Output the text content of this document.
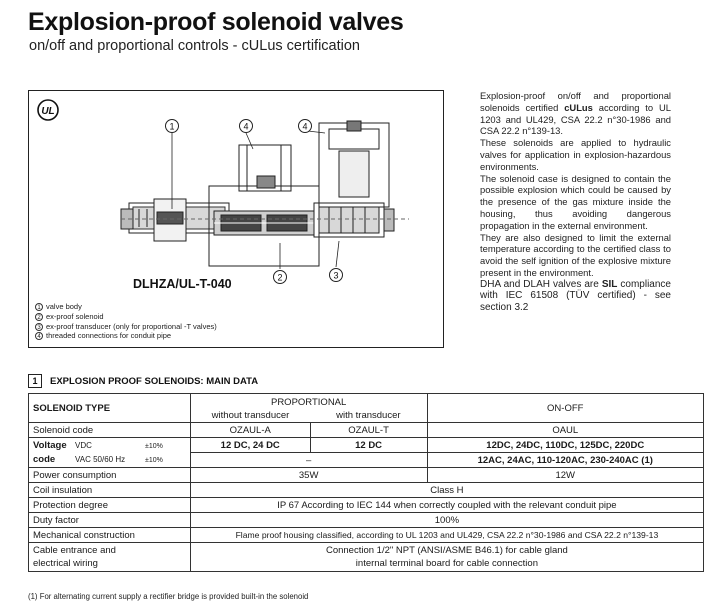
Explosion-proof solenoid valves

on/off and proportional controls - cULus certification

UL
1	4	4
2	3
DLHZA/UL-T-040
1 valve body
2 ex-proof solenoid
3 ex-proof transducer (only for proportional -T valves)
4 threaded connections for conduit pipe

Explosion-proof on/off and proportional solenoids certified cULus according to UL 1203 and UL429, CSA 22.2 n°30-1986 and CSA 22.2 n°139-13.

These solenoids are applied to hydraulic valves for application in explosion-hazardous environments.

The solenoid case is designed to contain the possible explosion which could be caused by the presence of the gas mixture inside the housing, thus avoiding dangerous propagation in the external environment.

They are also designed to limit the external temperature according to the certified class to avoid the self ignition of the explosive mixture present in the environment.

DHA and DLAH valves are SIL compliance with IEC 61508 (TÜV certified) - see section 3.2

1	EXPLOSION PROOF SOLENOIDS: MAIN DATA
SOLENOID TYPE	PROPORTIONAL		ON-OFF
	without transducer	with transducer	
Solenoid code	OZAUL-A	OZAUL-T	OAUL
Voltage VDC ±10%	12 DC, 24 DC	12 DC	12DC, 24DC, 110DC, 125DC, 220DC
code VAC 50/60 Hz ±10%	–		12AC, 24AC, 110-120AC, 230-240AC (1)
Power consumption	35W		12W
Coil insulation	Class H		
Protection degree	IP 67 According to IEC 144 when correctly coupled with the relevant conduit pipe		
Duty factor	100%		
Mechanical construction	Flame proof housing classified, according to UL 1203 and UL429, CSA 22.2 n°30-1986 and CSA 22.2 n°139-13		
Cable entrance and
electrical wiring	Connection 1/2" NPT (ANSI/ASME B46.1) for cable gland
internal terminal board for cable connection		
(1) For alternating current supply a rectifier bridge is provided built-in the solenoid
